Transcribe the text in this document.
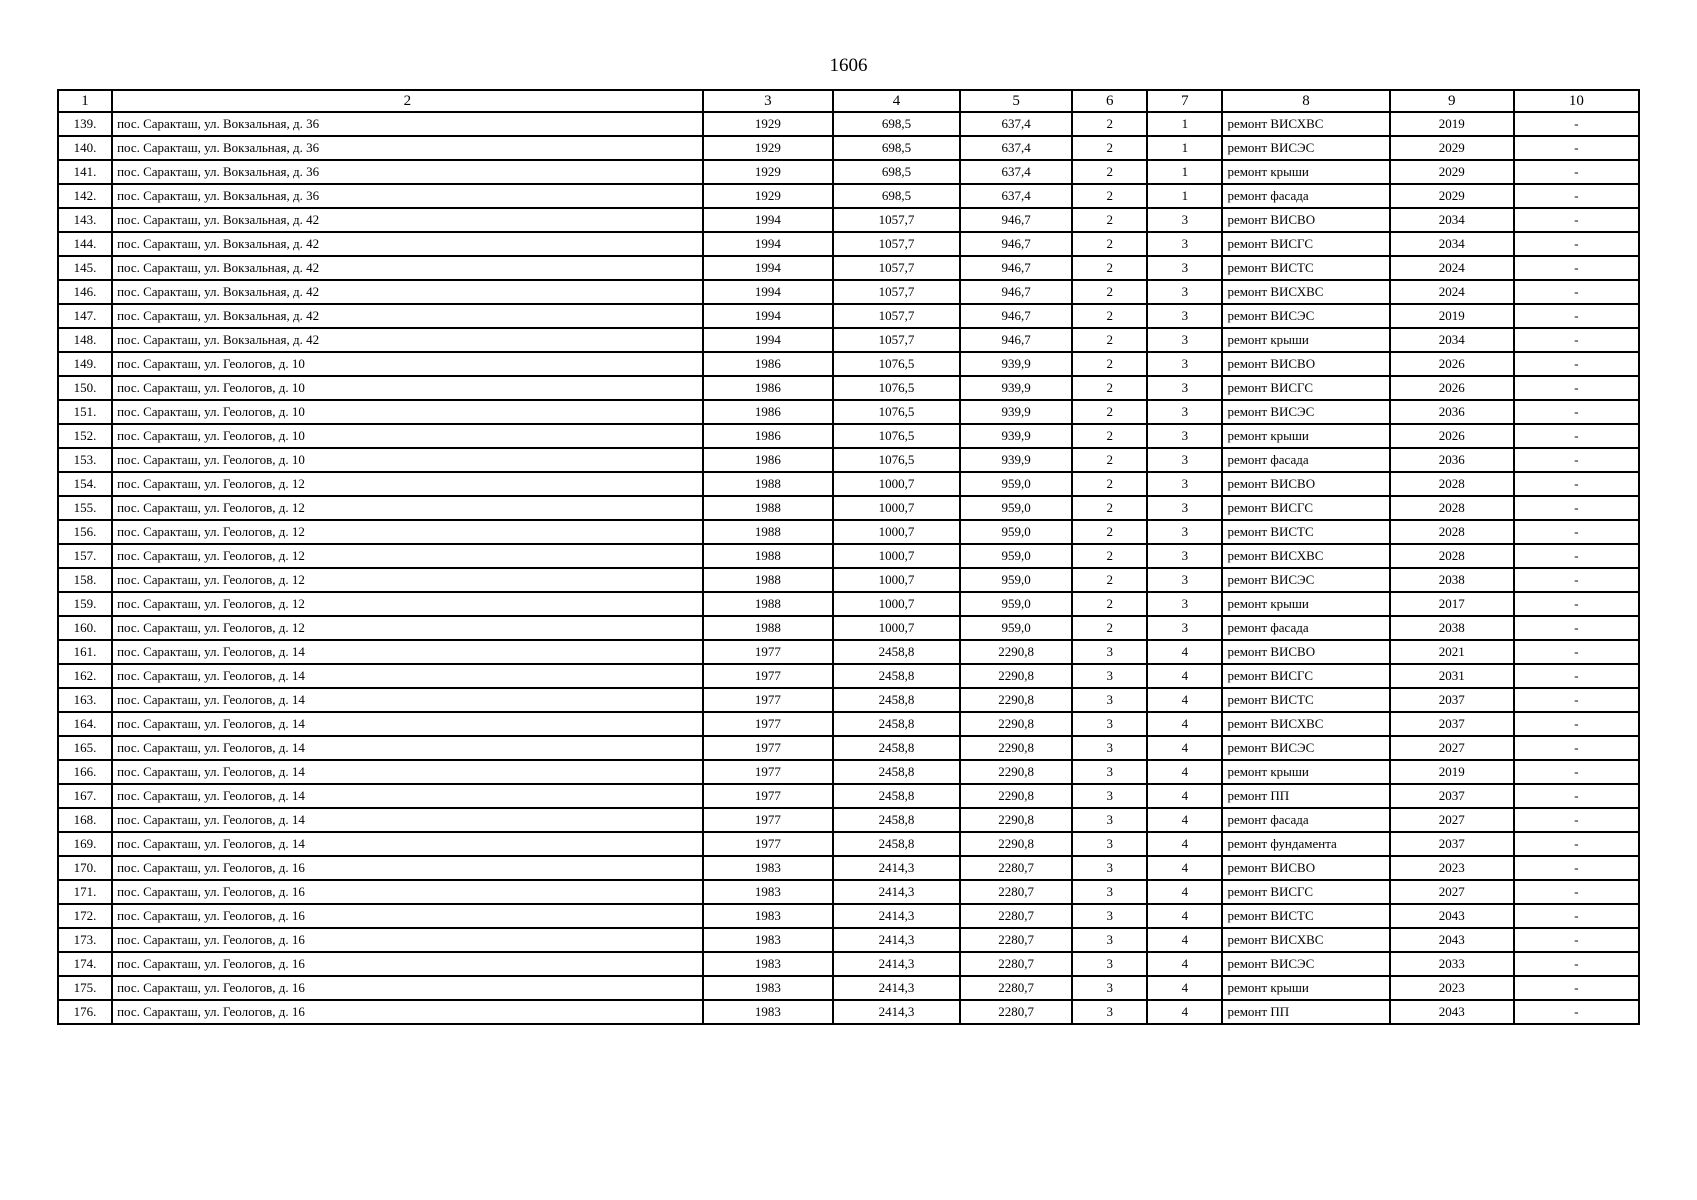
1606
1	2	3	4	5	6	7	8	9	10
139.	пос. Саракташ, ул. Вокзальная, д. 36	1929	698,5	637,4	2	1	ремонт ВИСХВС	2019	-
140.	пос. Саракташ, ул. Вокзальная, д. 36	1929	698,5	637,4	2	1	ремонт ВИСЭС	2029	-
141.	пос. Саракташ, ул. Вокзальная, д. 36	1929	698,5	637,4	2	1	ремонт крыши	2029	-
142.	пос. Саракташ, ул. Вокзальная, д. 36	1929	698,5	637,4	2	1	ремонт фасада	2029	-
143.	пос. Саракташ, ул. Вокзальная, д. 42	1994	1057,7	946,7	2	3	ремонт ВИСВО	2034	-
144.	пос. Саракташ, ул. Вокзальная, д. 42	1994	1057,7	946,7	2	3	ремонт ВИСГС	2034	-
145.	пос. Саракташ, ул. Вокзальная, д. 42	1994	1057,7	946,7	2	3	ремонт ВИСТС	2024	-
146.	пос. Саракташ, ул. Вокзальная, д. 42	1994	1057,7	946,7	2	3	ремонт ВИСХВС	2024	-
147.	пос. Саракташ, ул. Вокзальная, д. 42	1994	1057,7	946,7	2	3	ремонт ВИСЭС	2019	-
148.	пос. Саракташ, ул. Вокзальная, д. 42	1994	1057,7	946,7	2	3	ремонт крыши	2034	-
149.	пос. Саракташ, ул. Геологов, д. 10	1986	1076,5	939,9	2	3	ремонт ВИСВО	2026	-
150.	пос. Саракташ, ул. Геологов, д. 10	1986	1076,5	939,9	2	3	ремонт ВИСГС	2026	-
151.	пос. Саракташ, ул. Геологов, д. 10	1986	1076,5	939,9	2	3	ремонт ВИСЭС	2036	-
152.	пос. Саракташ, ул. Геологов, д. 10	1986	1076,5	939,9	2	3	ремонт крыши	2026	-
153.	пос. Саракташ, ул. Геологов, д. 10	1986	1076,5	939,9	2	3	ремонт фасада	2036	-
154.	пос. Саракташ, ул. Геологов, д. 12	1988	1000,7	959,0	2	3	ремонт ВИСВО	2028	-
155.	пос. Саракташ, ул. Геологов, д. 12	1988	1000,7	959,0	2	3	ремонт ВИСГС	2028	-
156.	пос. Саракташ, ул. Геологов, д. 12	1988	1000,7	959,0	2	3	ремонт ВИСТС	2028	-
157.	пос. Саракташ, ул. Геологов, д. 12	1988	1000,7	959,0	2	3	ремонт ВИСХВС	2028	-
158.	пос. Саракташ, ул. Геологов, д. 12	1988	1000,7	959,0	2	3	ремонт ВИСЭС	2038	-
159.	пос. Саракташ, ул. Геологов, д. 12	1988	1000,7	959,0	2	3	ремонт крыши	2017	-
160.	пос. Саракташ, ул. Геологов, д. 12	1988	1000,7	959,0	2	3	ремонт фасада	2038	-
161.	пос. Саракташ, ул. Геологов, д. 14	1977	2458,8	2290,8	3	4	ремонт ВИСВО	2021	-
162.	пос. Саракташ, ул. Геологов, д. 14	1977	2458,8	2290,8	3	4	ремонт ВИСГС	2031	-
163.	пос. Саракташ, ул. Геологов, д. 14	1977	2458,8	2290,8	3	4	ремонт ВИСТС	2037	-
164.	пос. Саракташ, ул. Геологов, д. 14	1977	2458,8	2290,8	3	4	ремонт ВИСХВС	2037	-
165.	пос. Саракташ, ул. Геологов, д. 14	1977	2458,8	2290,8	3	4	ремонт ВИСЭС	2027	-
166.	пос. Саракташ, ул. Геологов, д. 14	1977	2458,8	2290,8	3	4	ремонт крыши	2019	-
167.	пос. Саракташ, ул. Геологов, д. 14	1977	2458,8	2290,8	3	4	ремонт ПП	2037	-
168.	пос. Саракташ, ул. Геологов, д. 14	1977	2458,8	2290,8	3	4	ремонт фасада	2027	-
169.	пос. Саракташ, ул. Геологов, д. 14	1977	2458,8	2290,8	3	4	ремонт фундамента	2037	-
170.	пос. Саракташ, ул. Геологов, д. 16	1983	2414,3	2280,7	3	4	ремонт ВИСВО	2023	-
171.	пос. Саракташ, ул. Геологов, д. 16	1983	2414,3	2280,7	3	4	ремонт ВИСГС	2027	-
172.	пос. Саракташ, ул. Геологов, д. 16	1983	2414,3	2280,7	3	4	ремонт ВИСТС	2043	-
173.	пос. Саракташ, ул. Геологов, д. 16	1983	2414,3	2280,7	3	4	ремонт ВИСХВС	2043	-
174.	пос. Саракташ, ул. Геологов, д. 16	1983	2414,3	2280,7	3	4	ремонт ВИСЭС	2033	-
175.	пос. Саракташ, ул. Геологов, д. 16	1983	2414,3	2280,7	3	4	ремонт крыши	2023	-
176.	пос. Саракташ, ул. Геологов, д. 16	1983	2414,3	2280,7	3	4	ремонт ПП	2043	-
